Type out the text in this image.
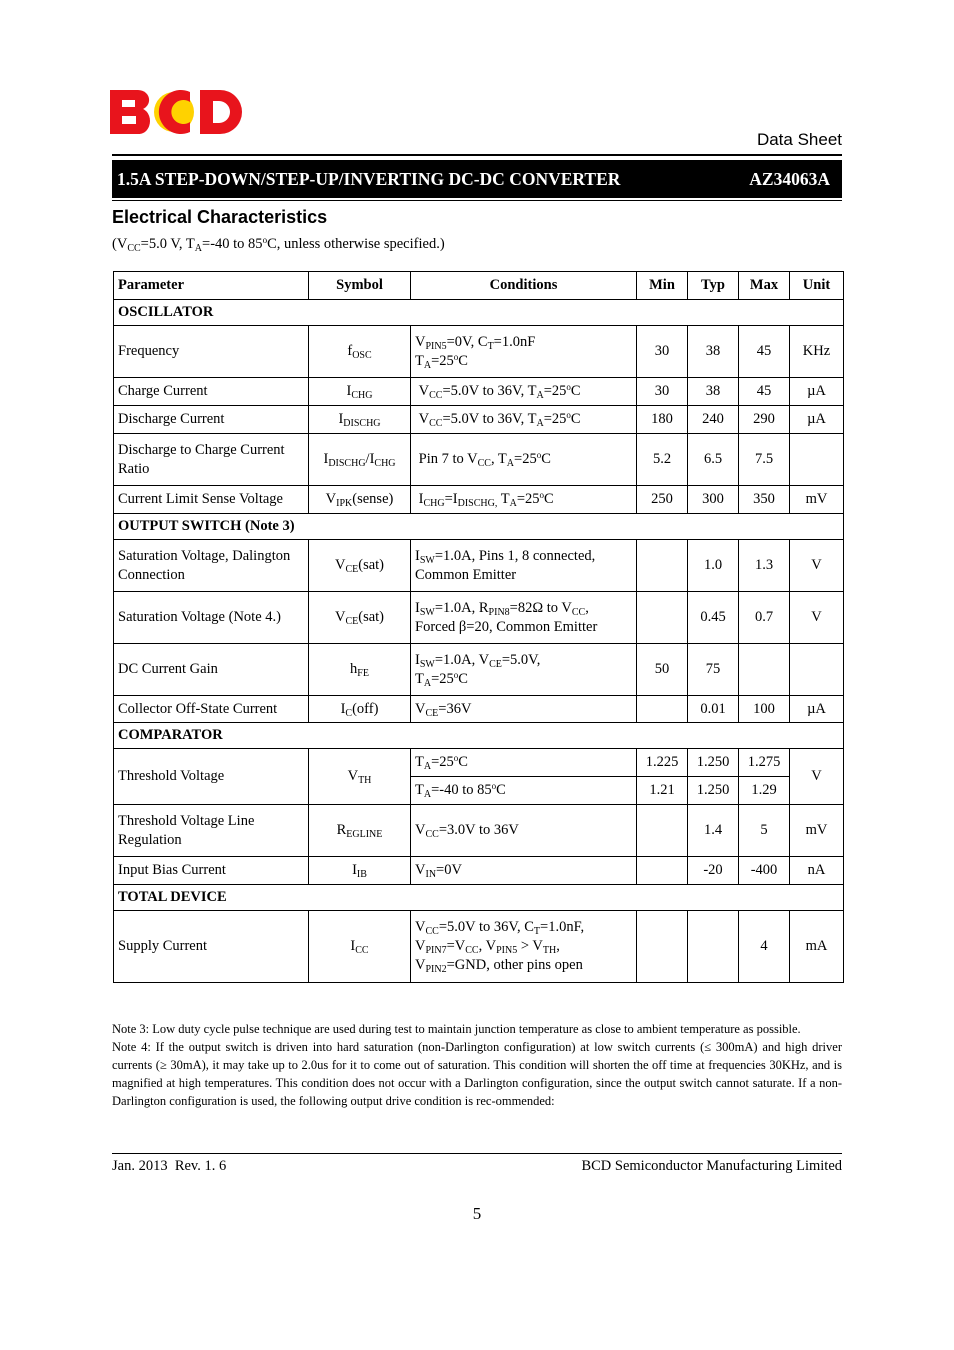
Data Sheet
1.5A STEP-DOWN/STEP-UP/INVERTING DC-DC CONVERTER	AZ34063A
Electrical Characteristics
($V_{CC}=5.0$ V, $T_A=-40$ to 85$^o$C, unless otherwise specified.)
Parameter	Symbol	Conditions	Min	Typ	Max	Unit
OSCILLATOR						
Frequency	$f_{OSC}$	$V_{PIN5}=0V$, $C_T=1.0nF$
$T_A=25^oC$	30	38	45	KHz
Charge Current	$I_{CHG}$	$V_{CC}=5.0V$ to 36V, $T_A=25^oC$	30	38	45	µA
Discharge Current	$I_{DISCHG}$	$V_{CC}=5.0V$ to 36V, $T_A=25^oC$	180	240	290	µA
Discharge to Charge Current Ratio	$I_{DISCHG}/I_{CHG}$	Pin 7 to $V_{CC}$, $T_A=25^oC$	5.2	6.5	7.5	
Current Limit Sense Voltage	$V_{IPK}(sense)$	$I_{CHG}=I_{DISCHG,}$ $T_A=25^oC$	250	300	350	mV
OUTPUT SWITCH (Note 3)						
Saturation Voltage, Dalington Connection	$V_{CE}(sat)$	$I_{SW}=1.0A$, Pins 1, 8 connected,
Common Emitter		1.0	1.3	V
Saturation Voltage (Note 4.)	$V_{CE}(sat)$	$I_{SW}=1.0A$, $R_{PIN8}=82\Omega$ to $V_{CC}$,
Forced β=20, Common Emitter		0.45	0.7	V
DC Current Gain	$h_{FE}$	$I_{SW}=1.0A$, $V_{CE}=5.0V$,
$T_A=25^oC$	50	75		
Collector Off-State Current	$I_C(off)$	$V_{CE}=36V$		0.01	100	µA
COMPARATOR						
Threshold Voltage	$V_{TH}$	$T_A=25^oC$	1.225	1.250	1.275	V
		$T_A=-40$ to 85$^o$C	1.21	1.250	1.29	
Threshold Voltage Line Regulation	$R_{EGLINE}$	$V_{CC}=3.0V$ to 36V		1.4	5	mV
Input Bias Current	$I_{IB}$	$V_{IN}=0V$		-20	-400	nA
TOTAL DEVICE						
Supply Current	$I_{CC}$	$V_{CC}=5.0V$ to 36V, $C_T=1.0nF$,
$V_{PIN7}=V_{CC}$, $V_{PIN5} > V_{TH}$,
$V_{PIN2}=GND$, other pins open			4	mA

Note 3: Low duty cycle pulse technique are used during test to maintain junction temperature as close to ambient temperature as possible.

Note 4: If the output switch is driven into hard saturation (non-Darlington configuration) at low switch currents (≤ 300mA) and high driver currents (≥ 30mA), it may take up to 2.0us for it to come out of saturation. This condition will shorten the off time at frequencies 30KHz, and is magnified at high temperatures. This condition does not occur with a Darlington configuration, since the output switch cannot saturate. If a non-Darlington configuration is used, the following output drive condition is rec-ommended:

Jan. 2013  Rev. 1. 6	BCD Semiconductor Manufacturing Limited
5
